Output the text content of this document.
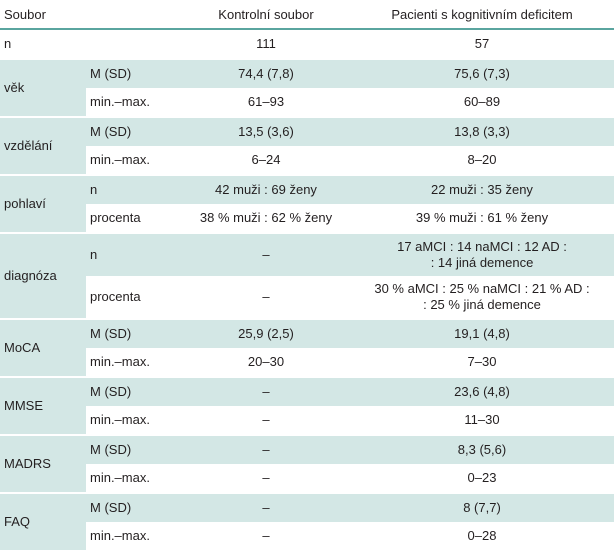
Soubor		Kontrolní soubor	Pacienti s kognitivním deficitem
n		111	57
věk	M (SD)	74,4 (7,8)	75,6 (7,3)
	min.–max.	61–93	60–89
vzdělání	M (SD)	13,5 (3,6)	13,8 (3,3)
	min.–max.	6–24	8–20
pohlaví	n	42 muži : 69 ženy	22 muži : 35 ženy
	procenta	38 % muži : 62 % ženy	39 % muži : 61 % ženy
diagnóza	n	–	17 aMCI : 14 naMCI : 12 AD :
: 14 jiná demence

	procenta	–	30 % aMCI : 25 % naMCI : 21 % AD :
: 25 % jiná demence

MoCA	M (SD)	25,9 (2,5)	19,1 (4,8)
	min.–max.	20–30	7–30
MMSE	M (SD)	–	23,6 (4,8)
	min.–max.	–	11–30
MADRS	M (SD)	–	8,3 (5,6)
	min.–max.	–	0–23
FAQ	M (SD)	–	8 (7,7)
	min.–max.	–	0–28
